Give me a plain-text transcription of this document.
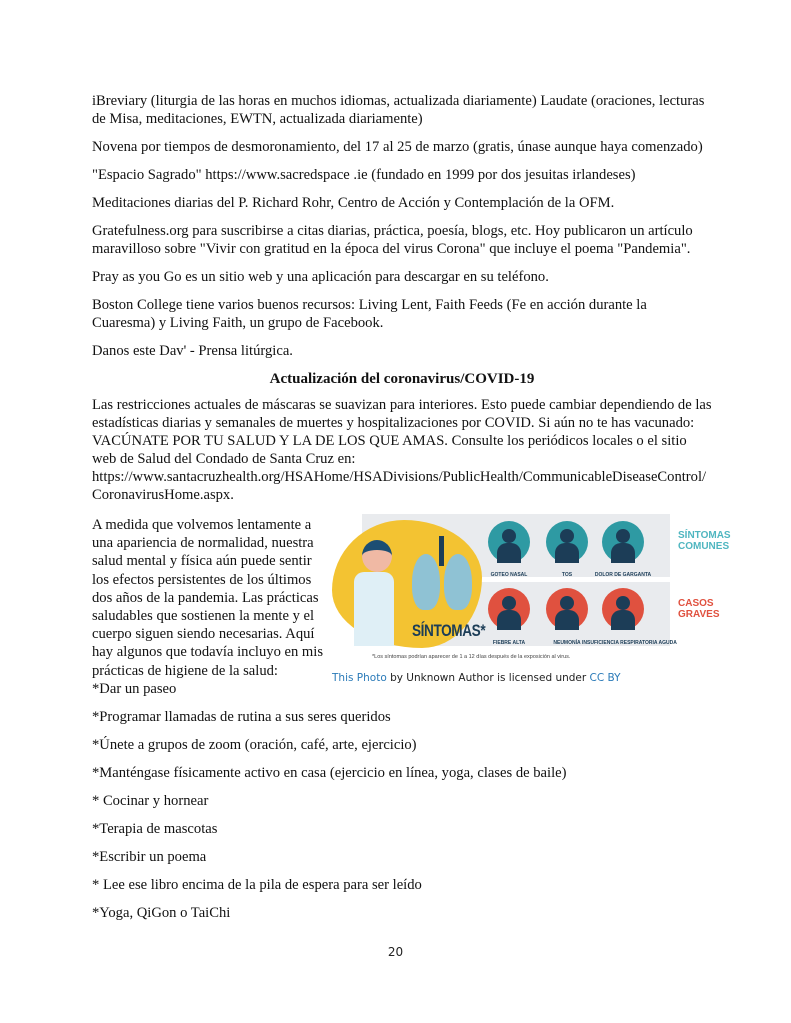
iBreviary (liturgia de las horas en muchos idiomas, actualizada diariamente) Laudate (oraciones, lecturas de Misa, meditaciones, EWTN, actualizada diariamente)
Novena por tiempos de desmoronamiento, del 17 al 25 de marzo (gratis, únase aunque haya comenzado)
"Espacio Sagrado" https://www.sacredspace .ie (fundado en 1999 por dos jesuitas irlandeses)
Meditaciones diarias del P. Richard Rohr, Centro de Acción y Contemplación de la OFM.
Gratefulness.org para suscribirse a citas diarias, práctica, poesía, blogs, etc. Hoy publicaron un artículo maravilloso sobre "Vivir con gratitud en la época del virus Corona" que incluye el poema "Pandemia".
Pray as you Go es un sitio web y una aplicación para descargar en su teléfono.
Boston College tiene varios buenos recursos: Living Lent, Faith Feeds (Fe en acción durante la Cuaresma) y Living Faith, un grupo de Facebook.
Danos este Dav' - Prensa litúrgica.
Actualización del coronavirus/COVID-19
Las restricciones actuales de máscaras se suavizan para interiores. Esto puede cambiar dependiendo de las estadísticas diarias y semanales de muertes y hospitalizaciones por COVID. Si aún no te has vacunado: VACÚNATE POR TU SALUD Y LA DE LOS QUE AMAS. Consulte los periódicos locales o el sitio web de Salud del Condado de Santa Cruz en: https://www.santacruzhealth.org/HSAHome/HSADivisions/PublicHealth/CommunicableDiseaseControl/ CoronavirusHome.aspx.
A medida que volvemos lentamente a una apariencia de normalidad, nuestra salud mental y física aún puede sentir los efectos persistentes de los últimos dos años de la pandemia. Las prácticas saludables que sostienen la mente y el cuerpo siguen siendo necesarias. Aquí hay algunos que todavía incluyo en mis prácticas de higiene de la salud:
SÍNTOMAS*
GOTEO NASAL	TOS	DOLOR DE GARGANTA
FIEBRE ALTA	NEUMONÍA INSUFICIENCIA RESPIRATORIA AGUDA
SÍNTOMAS
COMUNES
CASOS
GRAVES
*Los síntomas podrían aparecer de 1 a 12 días después de la exposición al virus.
This Photo by Unknown Author is licensed under CC BY
*Dar un paseo
*Programar llamadas de rutina a sus seres queridos
*Únete a grupos de zoom (oración, café, arte, ejercicio)
*Manténgase físicamente activo en casa (ejercicio en línea, yoga, clases de baile)
* Cocinar y hornear
*Terapia de mascotas
*Escribir un poema
* Lee ese libro encima de la pila de espera para ser leído
*Yoga, QiGon o TaiChi
20
